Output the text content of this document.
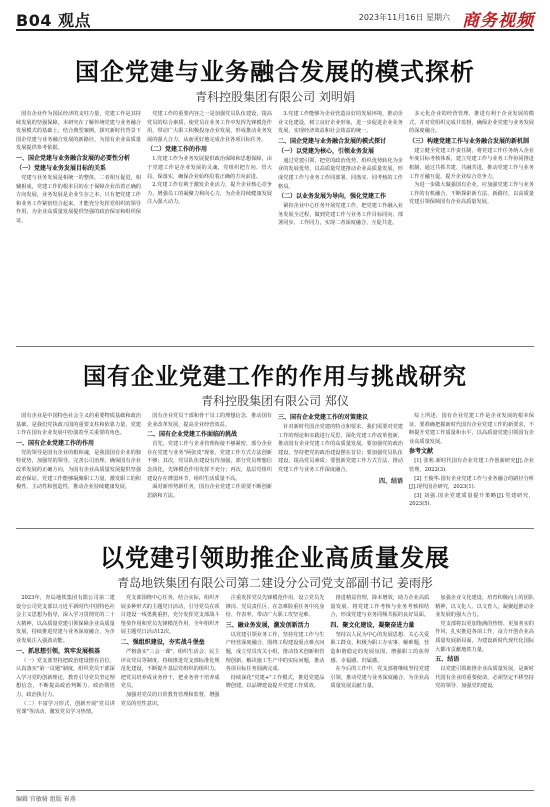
B04 观点	2023年11月16日 星期六 商务视频
国企党建与业务融合发展的模式探析
青科控股集团有限公司 刘明娟

国有企业作为国民经济的支柱力量，党建工作是其持续发展的坚强保障，本研究在了解传统党建与业务融合发展模式的基础上，结合典型案例，探究新时代背景下国企党建与业务融合发展的新路径，为国有企业高质量发展提供参考依据。

一、国企党建与业务融合发展的必要性分析

（一）党建与业务发展目标的关系

党建与业务发展是相统一的整体，二者相互促进，相辅相成，党建工作的根本目的在于保障企业沿着正确的方向发展，业务发展是企业生存之本。只有把党建工作和业务工作紧密结合起来，才能充分发挥党组织的领导作用，为企业高质量发展提供坚强的政治保证和组织保证。

党建工作的重要内容之一是加强党员队伍建设，提高党员的综合素质，使党员在业务工作中发挥先锋模范作用，带动广大职工积极投身企业发展，形成推动业务发展的强大合力，从而更好地完成企业各项目标任务。

（二）党建工作的作用

1.党建工作为业务发展提供政治保障和思想保障，由于党建工作是企业发展的灵魂，党组织把方向、管大局、保落实，确保企业始终沿着正确的方向前进。

2.党建工作有利于激发企业活力，提升企业核心竞争力，增强员工的凝聚力和向心力，为企业持续健康发展注入强大动力。

3.党建工作能够为企业营造良好的发展环境，推动企业文化建设，树立良好企业形象，进一步促进企业业务发展，实现经济效益和社会效益的统一。

二、国企党建与业务融合发展的模式探讨

（一）以党建为核心，引领业务发展

通过党建引领，把党的政治优势、组织优势转化为企业的发展优势，以高质量党建推动企业高质量发展，形成党建工作与业务工作同部署、同落实、同考核的工作格局。

（二）以业务发展为导向，强化党建工作

紧扣企业中心任务开展党建工作，把党建工作融入业务发展全过程，做到党建工作与业务工作目标同向、部署同步、工作同力，实现二者深度融合、互促共进。

多元化企业的经营管理，推进有利于企业发展的模式，并对党组织完成并监督，确保企业党建与业务发展的深度融合。

（三）构建党建工作与业务融合发展的新机制

建立健全党建工作责任制，将党建工作任务纳入企业年度目标考核体系，建立党建工作与业务工作协同推进机制，通过共抓共建、共融共进，推动党建工作与业务工作互融互促，提升企业综合竞争力。

为进一步做大做强国有企业，应加强党建工作与业务工作的有机融合，不断探索新方法、新路径，以高质量党建引领保障国有企业高质量发展。

国有企业党建工作的作用与挑战研究
青科控股集团有限公司 郑仪

国有企业是中国特色社会主义的重要物质基础和政治基础，是我们党执政兴国的重要支柱和依靠力量，党建工作在国有企业发展中扮演着至关重要的角色。

一、国有企业党建工作的作用

党的领导是国有企业的根和魂，是我国国有企业的独特优势，加强党的领导，完善公司治理，确保国有企业改革发展的正确方向，为国有企业高质量发展提供坚强政治保证。党建工作能够凝聚职工力量，激发职工的积极性、主动性和创造性，推动企业持续健康发展。

国有企业党员干部和骨干员工的理想信念，推动国有企业改革发展，提高企业经营效益。

二、国有企业党建工作面临的挑战

首先，党建工作与企业管理衔接不够紧密，部分企业存在党建与业务"两张皮"现象，党建工作方式方法创新不够；其次，党员队伍建设有待加强，部分党员理想信念淡化，先锋模范作用发挥不充分；再次，基层党组织建设存在薄弱环节，组织生活质量不高。

面对新形势新任务，国有企业党建工作需要不断创新思路和方法。

三、国有企业党建工作的对策建议

针对新时代国企党建的特点和要求，我们需要对党建工作的理论和实践进行反思，深化党建工作改革创新，推动国有企业党建工作的高质量发展。要加强党的政治建设，坚持把党的政治建设摆在首位；要加强党员队伍建设，提高党员素质；要创新党建工作方式方法，推动党建工作与业务工作深度融合。

四、结语

综上所述，国有企业党建工作是企业发展的根本保证，要准确把握新时代国有企业党建工作的新要求，不断提升党建工作质量和水平，以高质量党建引领国有企业高质量发展。

参考文献

[1] 张莉.新时代国有企业党建工作创新研究[J].企业管理，2022(3).

[2] 王俊华.国有企业党建工作与业务融合的路径分析[J].现代国企研究，2023(1).

[3] 刘强.国企党建质量提升策略[J].党建研究，2023(5).

以党建引领助推企业高质量发展
青岛地铁集团有限公司第二建设分公司党支部副书记 姜雨彤

2023年，青岛地铁集团有限公司第二建设分公司党支部以习近平新时代中国特色社会主义思想为指导，深入学习贯彻党的二十大精神，以高质量党建引领保障企业高质量发展，持续推进党建与业务深度融合，为企业发展注入强劲动能。

一、抓思想引领，筑牢发展根基

（一）党支部坚持把政治建设摆在首位，认真落实"第一议题"制度，组织党员干部深入学习党的创新理论，教育引导党员坚定理想信念，不断提高政治判断力、政治领悟力、政治执行力。

（二）丰富学习形式，创新开展"党员讲党课"等活动，激发党员学习热情。

党支部围绕中心任务，结合实际，组织开展多种形式的主题党日活动，引导党员在项目建设一线勇挑重担，充分发挥党支部战斗堡垒作用和党员先锋模范作用，全年组织开展主题党日活动12次。

二、强组织建设，夯实战斗堡垒

严格落实"三会一课"、组织生活会、民主评议党员等制度，持续推进党支部标准化规范化建设，不断提升基层党组织的组织力。把党员培养成业务骨干，把业务骨干培养成党员。

加强对党员的日常教育管理和监督，增强党员的党性意识。

注重发挥党员先锋模范作用，设立党员先锋岗、党员责任区，在急难险重任务中亮身份、作表率，带动广大职工攻坚克难。

三、融业务发展，激发创新活力

以党建引领业务工作，坚持党建工作与生产经营深度融合，围绕工程建设重点难点问题，成立党员攻关小组，推动技术创新和管理创新，解决施工生产中的实际问题，推动各项目标任务圆满完成。

持续深化"党建+"工作模式，推进党建品牌创建，以品牌建设提升党建工作质效。

推进精益管理，降本增效，助力企业高质量发展。将党建工作考核与业务考核相结合，形成党建与业务同频共振的良好局面。

四、聚文化建设，凝聚奋进力量

坚持以人民为中心的发展思想，关心关爱职工群众，积极为职工办实事、解难题，营造和谐稳定的发展氛围，增强职工的获得感、幸福感、归属感。

在今后的工作中，党支部将继续坚持党建引领，推动党建与业务深度融合，为企业高质量发展贡献力量。

加强企业文化建设，培育积极向上的团队精神，以文化人、以文育人，凝聚起推动企业发展的强大合力。

党支部将以更加饱满的热情、更加务实的作风，扎实推进各项工作，奋力开创企业高质量发展新局面，为建设新时代现代化国际大都市贡献地铁力量。

五、结语

以党建引领助推企业高质量发展，是新时代国有企业的重要使命，必须坚定不移坚持党的领导、加强党的建设。

编辑 官敏骑 组版 崔燕
